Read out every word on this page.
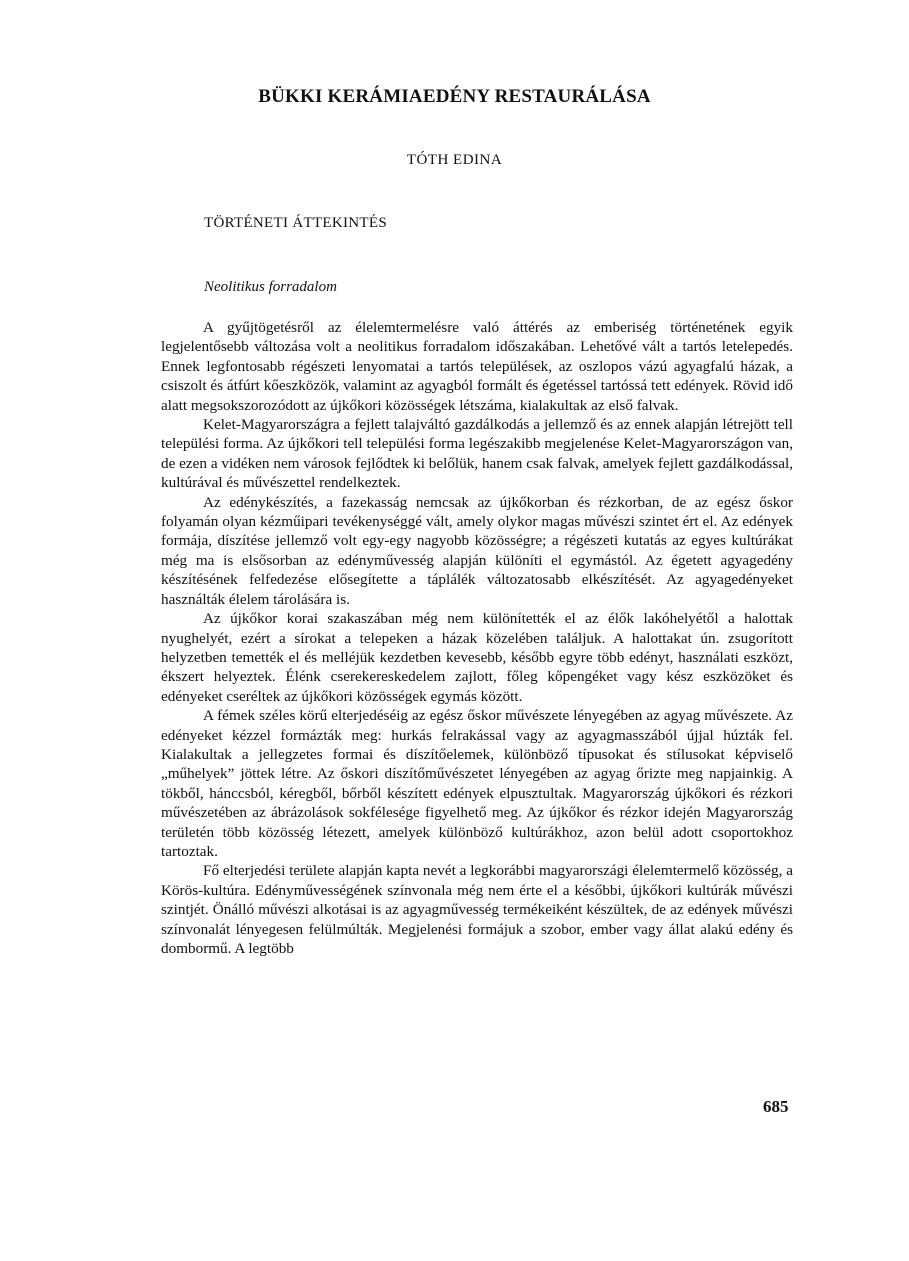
BÜKKI KERÁMIAEDÉNY RESTAURÁLÁSA

TÓTH EDINA

TÖRTÉNETI ÁTTEKINTÉS
Neolitikus forradalom

A gyűjtögetésről az élelemtermelésre való áttérés az emberiség történetének egyik legjelentősebb változása volt a neolitikus forradalom időszakában. Lehetővé vált a tartós letelepedés. Ennek legfontosabb régészeti lenyomatai a tartós települések, az oszlopos vázú agyagfalú házak, a csiszolt és átfúrt kőeszközök, valamint az agyagból formált és égetéssel tartóssá tett edények. Rövid idő alatt megsokszorozódott az újkőkori közösségek létszáma, kialakultak az első falvak.

Kelet-Magyarországra a fejlett talajváltó gazdálkodás a jellemző és az ennek alapján létrejött tell települési forma. Az újkőkori tell települési forma legészakibb megjelenése Kelet-Magyarországon van, de ezen a vidéken nem városok fejlődtek ki belőlük, hanem csak falvak, amelyek fejlett gazdálkodással, kultúrával és művészettel rendelkeztek.

Az edénykészítés, a fazekasság nemcsak az újkőkorban és rézkorban, de az egész őskor folyamán olyan kézműipari tevékenységgé vált, amely olykor magas művészi szintet ért el. Az edények formája, díszítése jellemző volt egy-egy nagyobb közösségre; a régészeti kutatás az egyes kultúrákat még ma is elsősorban az edényművesség alapján különíti el egymástól. Az égetett agyagedény készítésének felfedezése elősegítette a táplálék változatosabb elkészítését. Az agyagedényeket használták élelem tárolására is.

Az újkőkor korai szakaszában még nem különítették el az élők lakóhelyétől a halottak nyughelyét, ezért a sírokat a telepeken a házak közelében találjuk. A halottakat ún. zsugorított helyzetben temették el és melléjük kezdetben kevesebb, később egyre több edényt, használati eszközt, ékszert helyeztek. Élénk cserekereskedelem zajlott, főleg kőpengéket vagy kész eszközöket és edényeket cseréltek az újkőkori közösségek egymás között.

A fémek széles körű elterjedéséig az egész őskor művészete lényegében az agyag művészete. Az edényeket kézzel formázták meg: hurkás felrakással vagy az agyagmasszából újjal húzták fel. Kialakultak a jellegzetes formai és díszítőelemek, különböző típusokat és stílusokat képviselő „műhelyek” jöttek létre. Az őskori díszítőművészetet lényegében az agyag őrizte meg napjainkig. A tökből, hánccsból, kéregből, bőrből készített edények elpusztultak. Magyarország újkőkori és rézkori művészetében az ábrázolások sokfélesége figyelhető meg. Az újkőkor és rézkor idején Magyarország területén több közösség létezett, amelyek különböző kultúrákhoz, azon belül adott csoportokhoz tartoztak.

Fő elterjedési területe alapján kapta nevét a legkorábbi magyarországi élelemtermelő közösség, a Körös-kultúra. Edényművességének színvonala még nem érte el a későbbi, újkőkori kultúrák művészi szintjét. Önálló művészi alkotásai is az agyagművesség termékeiként készültek, de az edények művészi színvonalát lényegesen felülmúlták. Megjelenési formájuk a szobor, ember vagy állat alakú edény és dombormű. A legtöbb

685
